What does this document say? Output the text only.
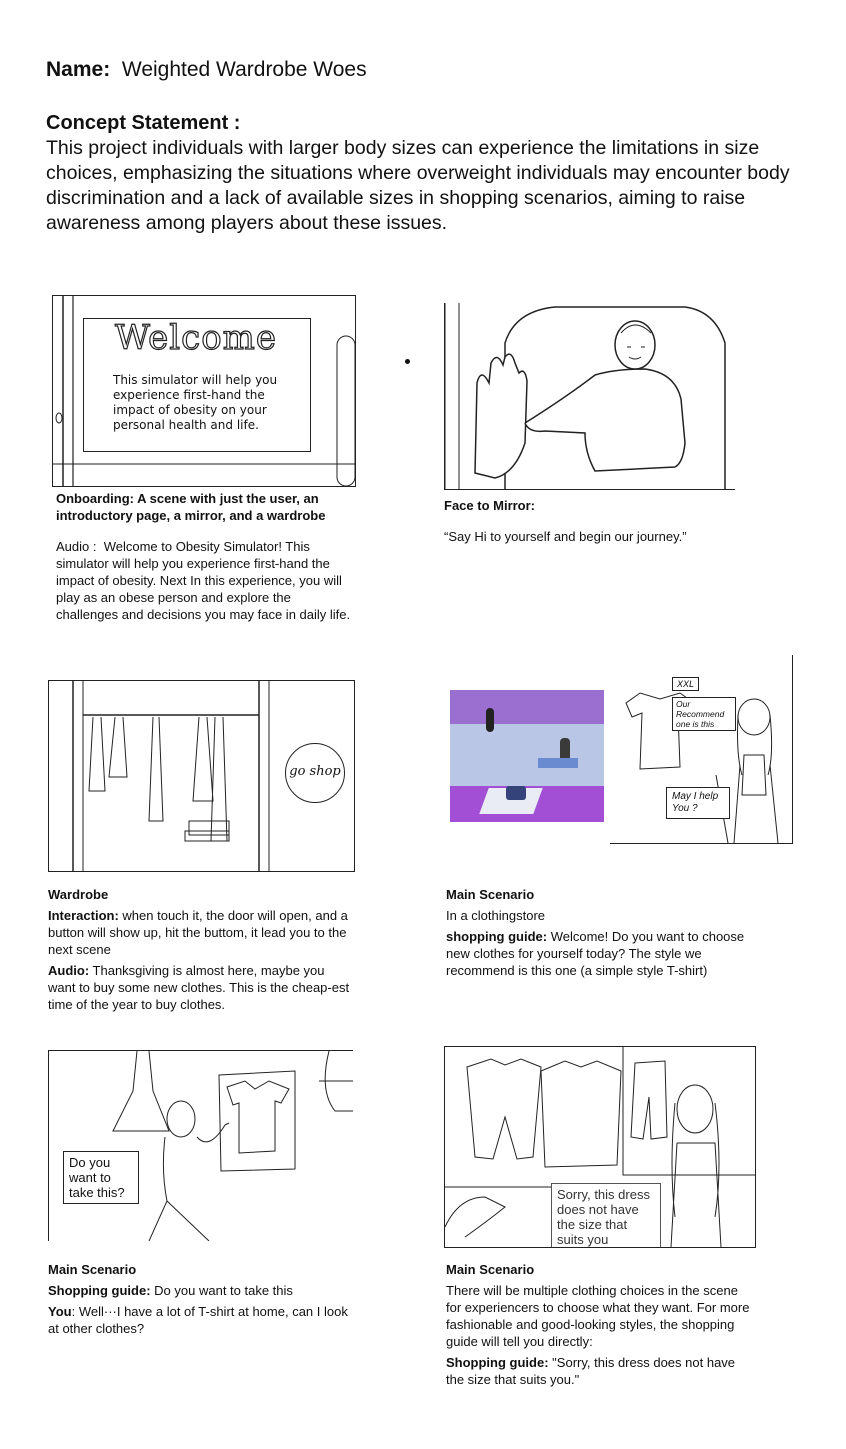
Name: Weighted Wardrobe Woes
Concept Statement :
This project individuals with larger body sizes can experience the limitations in size choices, emphasizing the situations where overweight individuals may encounter body discrimination and a lack of available sizes in shopping scenarios, aiming to raise awareness among players about these issues.
Welcome
This simulator will help you experience first-hand the impact of obesity on your personal health and life.

Onboarding: A scene with just the user, an introductory page, a mirror, and a wardrobe

Audio : Welcome to Obesity Simulator! This simulator will help you experience first-hand the impact of obesity. Next In this experience, you will play as an obese person and explore the challenges and decisions you may face in daily life.

Face to Mirror:

“Say Hi to yourself and begin our journey.”

go shop

Wardrobe

Interaction: when touch it, the door will open, and a button will show up, hit the buttom, it lead you to the next scene

Audio: Thanksgiving is almost here, maybe you want to buy some new clothes. This is the cheap-est time of the year to buy clothes.

XXL
Our Recommend one is this
May I help You ?

Main Scenario

In a clothingstore

shopping guide: Welcome! Do you want to choose new clothes for yourself today? The style we recommend is this one (a simple style T-shirt)

Do you want to take this?

Main Scenario

Shopping guide: Do you want to take this

You: Well···I have a lot of T-shirt at home, can I look at other clothes?

Sorry, this dress does not have the size that suits you

Main Scenario

There will be multiple clothing choices in the scene for experiencers to choose what they want. For more fashionable and good-looking styles, the shopping guide will tell you directly:

Shopping guide: "Sorry, this dress does not have the size that suits you."
